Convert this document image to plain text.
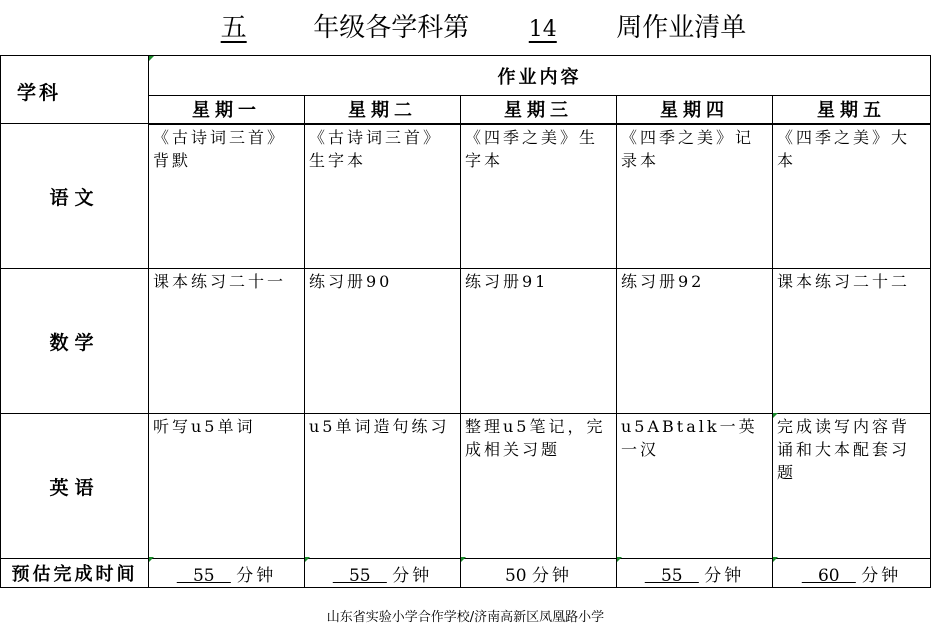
五	年级各学科第	14 周作业清单
学科	作业内容				
	星期一	星期二	星期三	星期四	星期五
语文	《古诗词三首》背默	《古诗词三首》生字本	《四季之美》生字本	《四季之美》记录本	《四季之美》大本
数学	课本练习二十一	练习册90	练习册91	练习册92	课本练习二十二
英语	听写u5单词	u5单词造句练习	整理u5笔记，完成相关习题	u5ABtalk一英一汉	完成读写内容背诵和大本配套习题
预估完成时间	55    分钟	55    分钟	50 分钟	55    分钟	60    分钟
山东省实验小学合作学校/济南高新区凤凰路小学
